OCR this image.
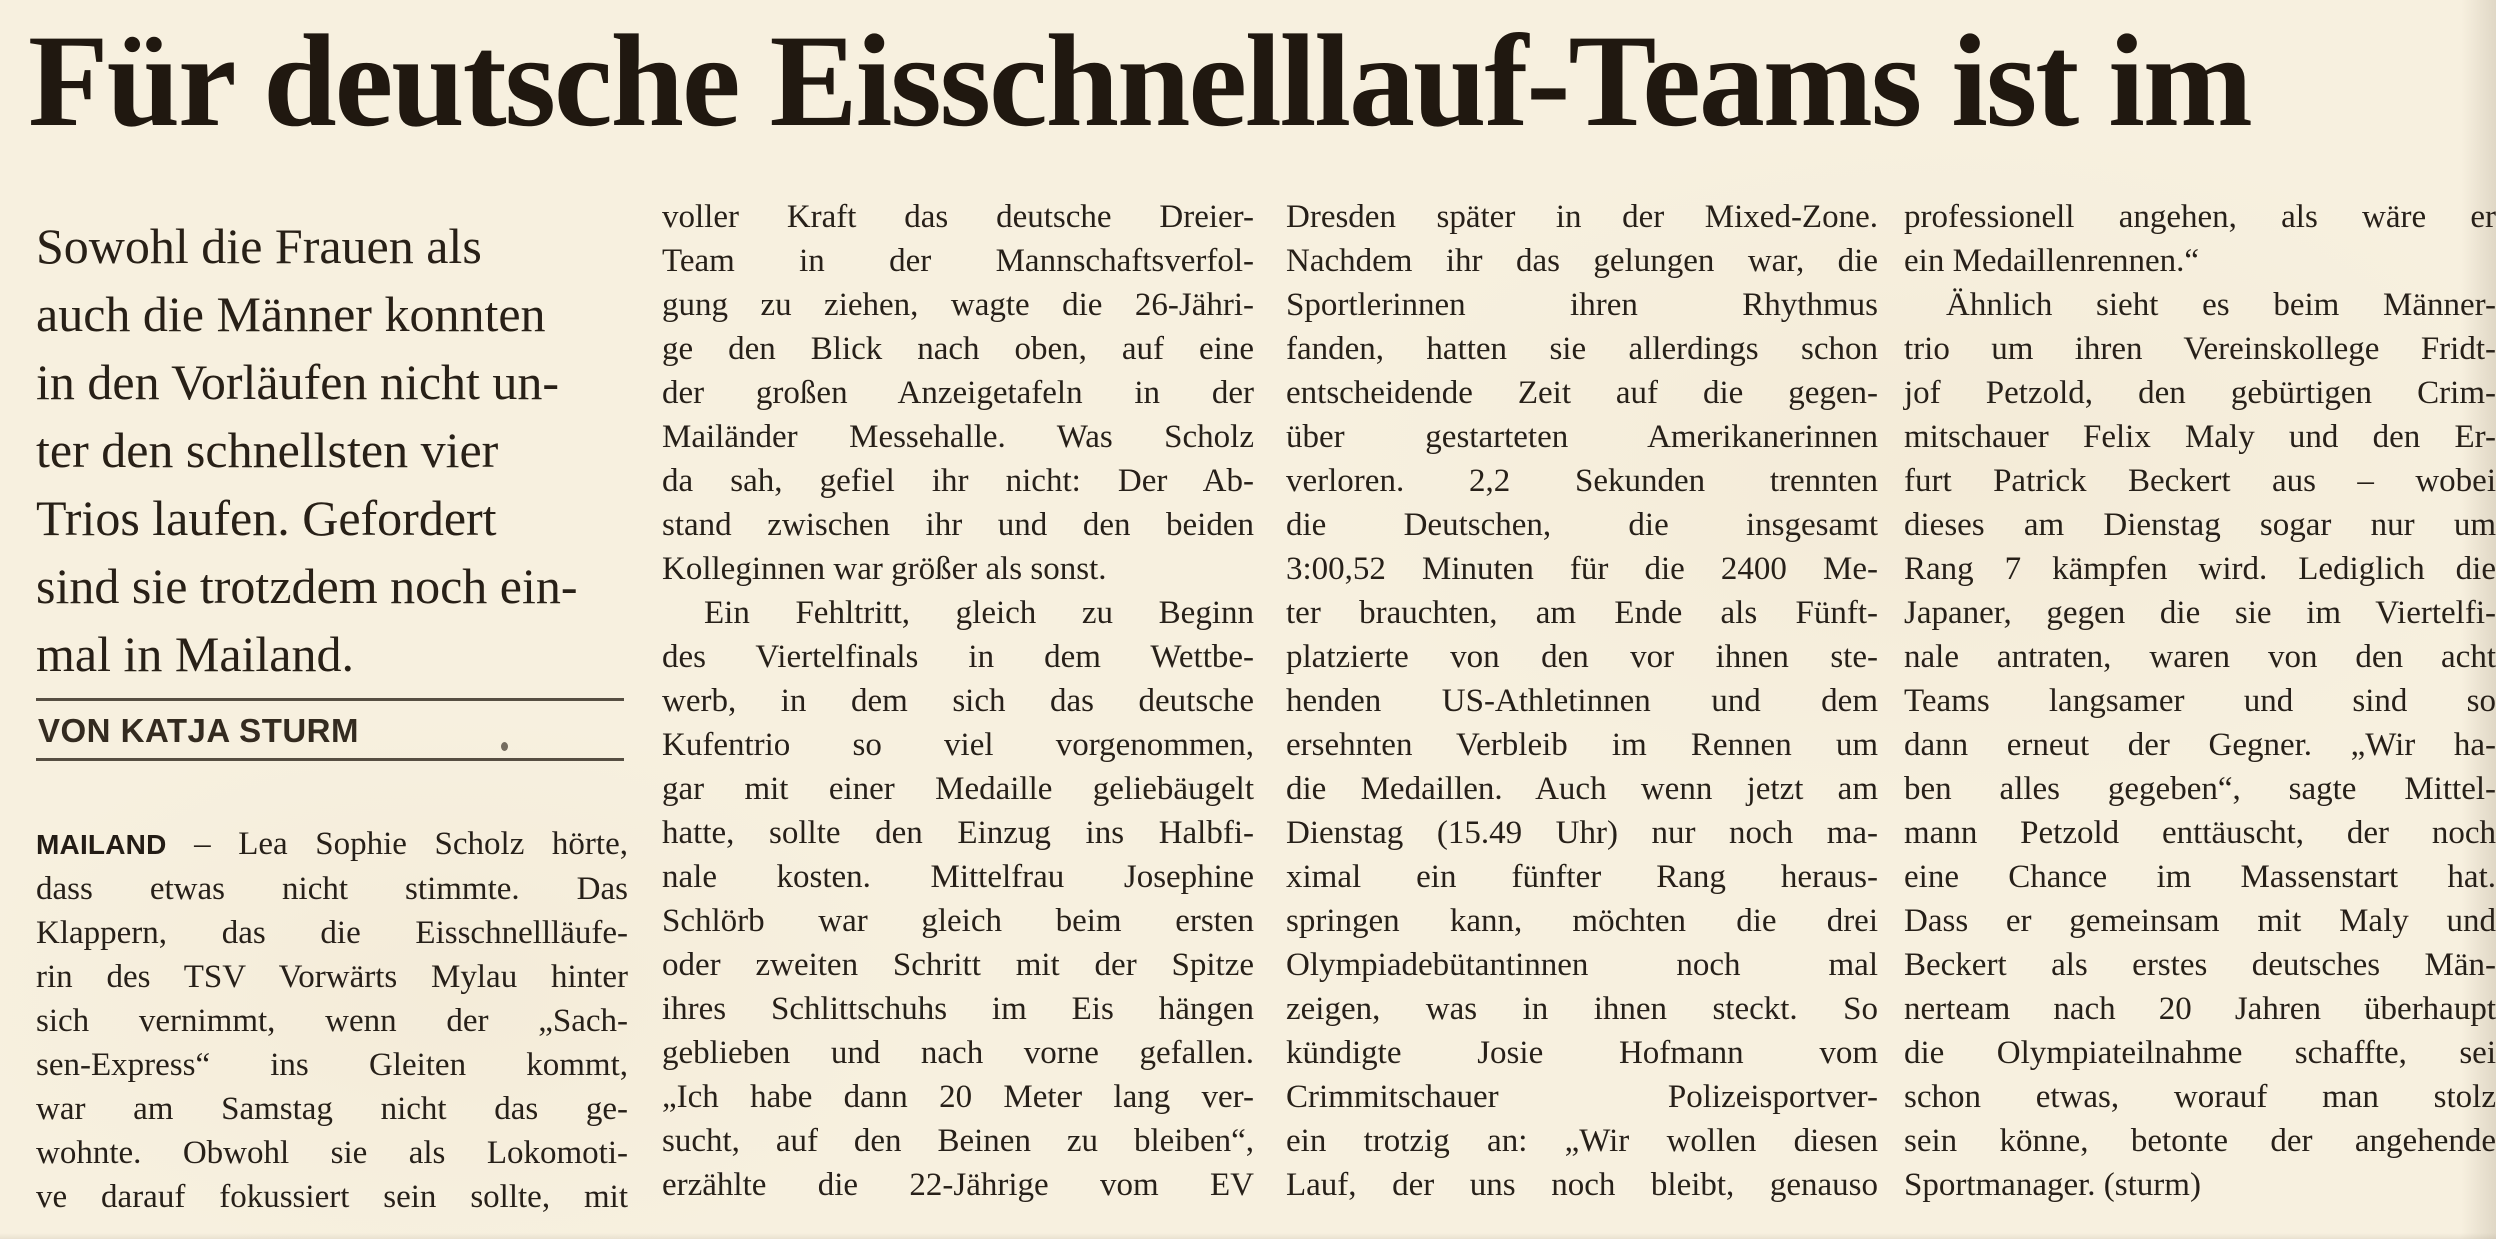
Für deutsche Eisschnelllauf-Teams ist im
Sowohl die Frauen als
auch die Männer konnten
in den Vorläufen nicht un-
ter den schnellsten vier
Trios laufen. Gefordert
sind sie trotzdem noch ein-
mal in Mailand.
VON KATJA STURM
MAILAND – Lea Sophie Scholz hörte,
dass etwas nicht stimmte. Das
Klappern, das die Eisschnellläufe-
rin des TSV Vorwärts Mylau hinter
sich vernimmt, wenn der „Sach-
sen-Express“ ins Gleiten kommt,
war am Samstag nicht das ge-
wohnte. Obwohl sie als Lokomoti-
ve darauf fokussiert sein sollte, mit
voller Kraft das deutsche Dreier-
Team in der Mannschaftsverfol-
gung zu ziehen, wagte die 26-Jähri-
ge den Blick nach oben, auf eine
der großen Anzeigetafeln in der
Mailänder Messehalle. Was Scholz
da sah, gefiel ihr nicht: Der Ab-
stand zwischen ihr und den beiden
Kolleginnen war größer als sonst.
Ein Fehltritt, gleich zu Beginn
des Viertelfinals in dem Wettbe-
werb, in dem sich das deutsche
Kufentrio so viel vorgenommen,
gar mit einer Medaille geliebäugelt
hatte, sollte den Einzug ins Halbfi-
nale kosten. Mittelfrau Josephine
Schlörb war gleich beim ersten
oder zweiten Schritt mit der Spitze
ihres Schlittschuhs im Eis hängen
geblieben und nach vorne gefallen.
„Ich habe dann 20 Meter lang ver-
sucht, auf den Beinen zu bleiben“,
erzählte die 22-Jährige vom EV
Dresden später in der Mixed-Zone.
Nachdem ihr das gelungen war, die
Sportlerinnen ihren Rhythmus
fanden, hatten sie allerdings schon
entscheidende Zeit auf die gegen-
über gestarteten Amerikanerinnen
verloren. 2,2 Sekunden trennten
die Deutschen, die insgesamt
3:00,52 Minuten für die 2400 Me-
ter brauchten, am Ende als Fünft-
platzierte von den vor ihnen ste-
henden US-Athletinnen und dem
ersehnten Verbleib im Rennen um
die Medaillen. Auch wenn jetzt am
Dienstag (15.49 Uhr) nur noch ma-
ximal ein fünfter Rang heraus-
springen kann, möchten die drei
Olympiadebütantinnen noch mal
zeigen, was in ihnen steckt. So
kündigte Josie Hofmann vom
Crimmitschauer Polizeisportver-
ein trotzig an: „Wir wollen diesen
Lauf, der uns noch bleibt, genauso
professionell angehen, als wäre er
ein Medaillenrennen.“
Ähnlich sieht es beim Männer-
trio um ihren Vereinskollege Fridt-
jof Petzold, den gebürtigen Crim-
mitschauer Felix Maly und den Er-
furt Patrick Beckert aus – wobei
dieses am Dienstag sogar nur um
Rang 7 kämpfen wird. Lediglich die
Japaner, gegen die sie im Viertelfi-
nale antraten, waren von den acht
Teams langsamer und sind so
dann erneut der Gegner. „Wir ha-
ben alles gegeben“, sagte Mittel-
mann Petzold enttäuscht, der noch
eine Chance im Massenstart hat.
Dass er gemeinsam mit Maly und
Beckert als erstes deutsches Män-
nerteam nach 20 Jahren überhaupt
die Olympiateilnahme schaffte, sei
schon etwas, worauf man stolz
sein könne, betonte der angehende
Sportmanager. (sturm)
